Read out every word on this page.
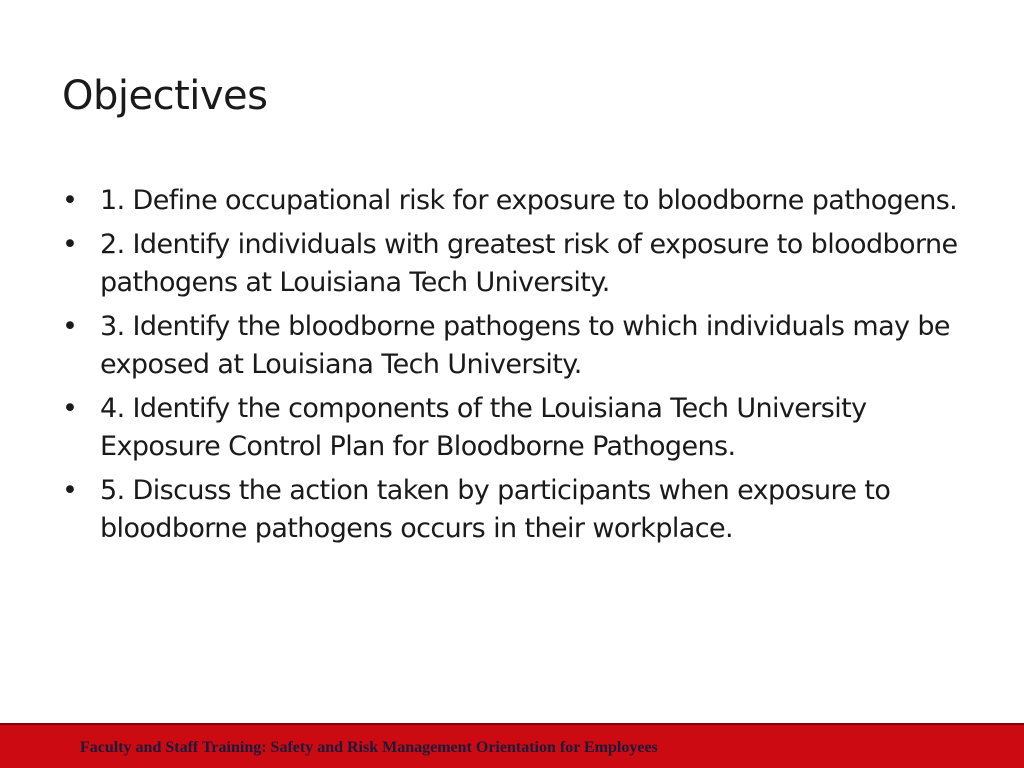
Objectives
• 1. Define occupational risk for exposure to bloodborne pathogens.
• 2. Identify individuals with greatest risk of exposure to bloodborne pathogens at Louisiana Tech University.
• 3. Identify the bloodborne pathogens to which individuals may be exposed at Louisiana Tech University.
• 4. Identify the components of the Louisiana Tech University Exposure Control Plan for Bloodborne Pathogens.
• 5. Discuss the action taken by participants when exposure to bloodborne pathogens occurs in their workplace.

Faculty and Staff Training: Safety and Risk Management Orientation for Employees
